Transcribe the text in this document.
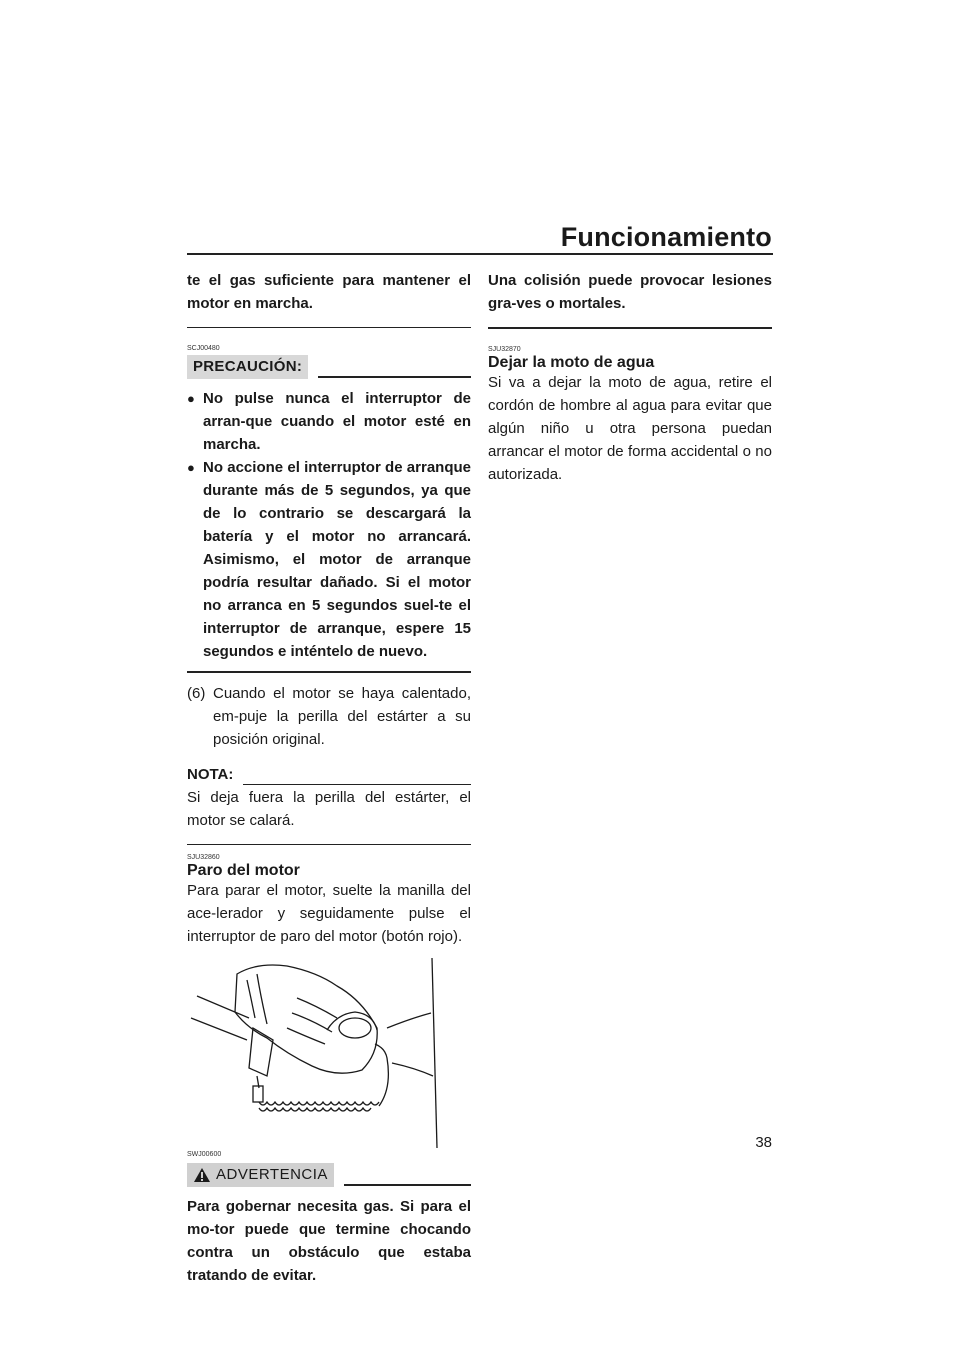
Funcionamiento
te el gas suficiente para mantener el motor en marcha.
SCJ00480
PRECAUCIÓN:
● No pulse nunca el interruptor de arran-que cuando el motor esté en marcha.
● No accione el interruptor de arranque durante más de 5 segundos, ya que de lo contrario se descargará la batería y el motor no arrancará. Asimismo, el motor de arranque podría resultar dañado. Si el motor no arranca en 5 segundos suel-te el interruptor de arranque, espere 15 segundos e inténtelo de nuevo.
(6) Cuando el motor se haya calentado, em-puje la perilla del estárter a su posición original.
NOTA:
Si deja fuera la perilla del estárter, el motor se calará.
SJU32860
Paro del motor
Para parar el motor, suelte la manilla del ace-lerador y seguidamente pulse el interruptor de paro del motor (botón rojo).
SWJ00600
ADVERTENCIA
Para gobernar necesita gas. Si para el mo-tor puede que termine chocando contra un obstáculo que estaba tratando de evitar.
Una colisión puede provocar lesiones gra-ves o mortales.
SJU32870
Dejar la moto de agua
Si va a dejar la moto de agua, retire el cordón de hombre al agua para evitar que algún niño u otra persona puedan arrancar el motor de forma accidental o no autorizada.
38
